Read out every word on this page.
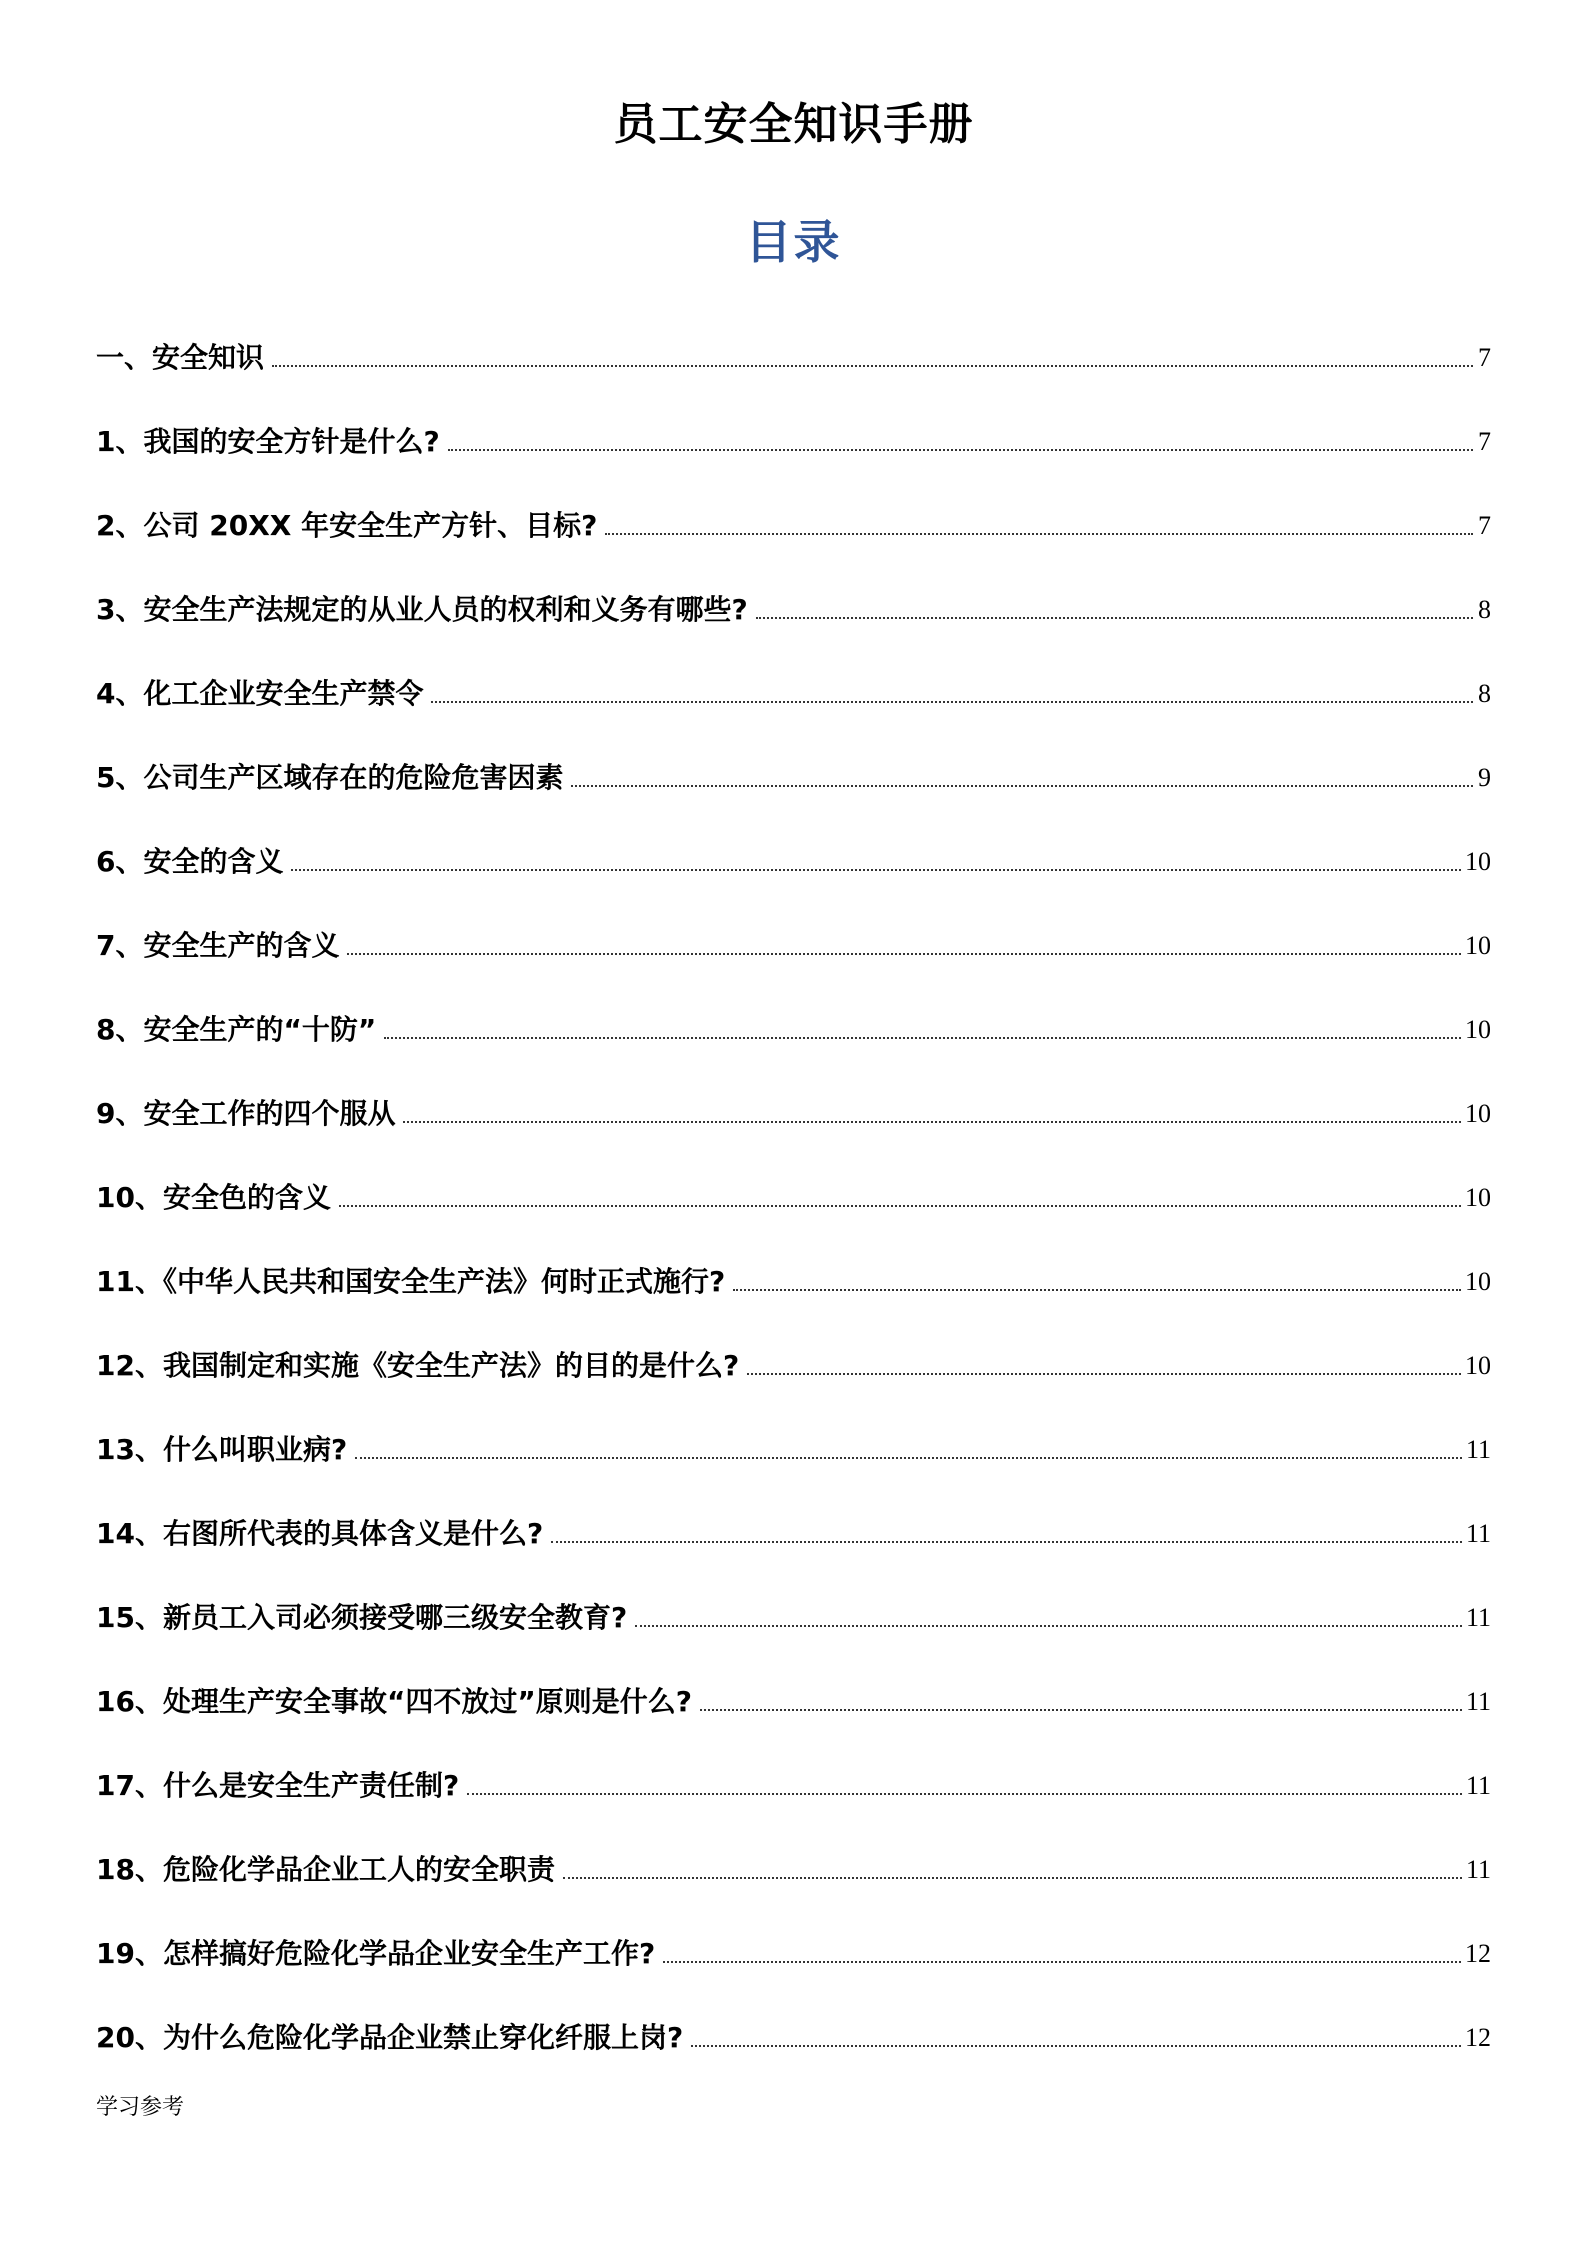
员工安全知识手册
目录
一、安全知识	7
1、我国的安全方针是什么?	7
2、公司 20XX 年安全生产方针、目标?	7
3、安全生产法规定的从业人员的权利和义务有哪些?	8
4、化工企业安全生产禁令	8
5、公司生产区域存在的危险危害因素	9
6、安全的含义	10
7、安全生产的含义	10
8、安全生产的“十防”	10
9、安全工作的四个服从	10
10、安全色的含义	10
11、《中华人民共和国安全生产法》何时正式施行?	10
12、我国制定和实施《安全生产法》的目的是什么?	10
13、什么叫职业病?	11
14、右图所代表的具体含义是什么?	11
15、新员工入司必须接受哪三级安全教育?	11
16、处理生产安全事故“四不放过”原则是什么?	11
17、什么是安全生产责任制?	11
18、危险化学品企业工人的安全职责	11
19、怎样搞好危险化学品企业安全生产工作?	12
20、为什么危险化学品企业禁止穿化纤服上岗?	12
学习参考
